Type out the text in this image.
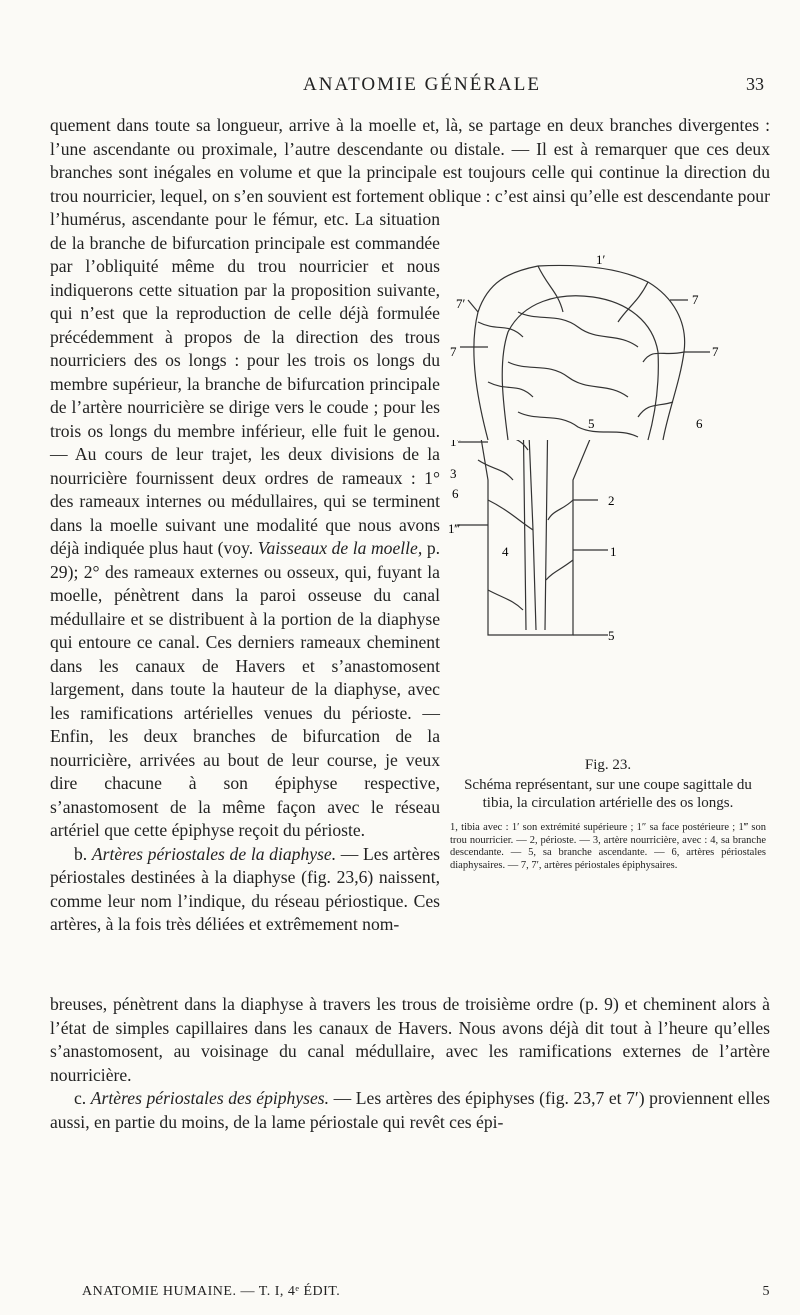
ANATOMIE GÉNÉRALE	33

quement dans toute sa longueur, arrive à la moelle et, là, se partage en deux branches divergentes : l’une ascendante ou proximale, l’autre descendante ou distale. — Il est à remarquer que ces deux branches sont inégales en volume et que la principale est toujours celle qui continue la direction du trou nourricier, lequel, on s’en souvient est fortement oblique : c’est ainsi qu’elle est descendante pour

l’humérus, ascendante pour le fémur, etc. La situation de la branche de bifurcation principale est commandée par l’obliquité même du trou nourricier et nous indiquerons cette situation par la proposition suivante, qui n’est que la reproduction de celle déjà formulée précédemment à propos de la direction des trous nourriciers des os longs : pour les trois os longs du membre supérieur, la branche de bifurcation principale de l’artère nourricière se dirige vers le coude ; pour les trois os longs du membre inférieur, elle fuit le genou. — Au cours de leur trajet, les deux divisions de la nourricière fournissent deux ordres de rameaux : 1° des rameaux internes ou médullaires, qui se terminent dans la moelle suivant une modalité que nous avons déjà indiquée plus haut (voy. Vaisseaux de la moelle, p. 29); 2° des rameaux externes ou osseux, qui, fuyant la moelle, pénètrent dans la paroi osseuse du canal médullaire et se distribuent à la portion de la diaphyse qui entoure ce canal. Ces derniers rameaux cheminent dans les canaux de Havers et s’anastomosent largement, dans toute la hauteur de la diaphyse, avec les ramifications artérielles venues du périoste. — Enfin, les deux branches de bifurcation de la nourricière, arrivées au bout de leur course, je veux dire chacune à son épiphyse respective, s’anastomosent de la même façon avec le réseau artériel que cette épiphyse reçoit du périoste.
b. Artères périostales de la diaphyse. — Les artères périostales destinées à la diaphyse (fig. 23,6) naissent, comme leur nom l’indique, du réseau périostique. Ces artères, à la fois très déliées et extrêmement nom-

1″
6
1‴
3
4
2
1
5
1′
7
7′	7
7
5	6

Fig. 23.

Schéma représentant, sur une coupe sagittale du tibia, la circulation artérielle des os longs.

1, tibia avec : 1′ son extrémité supérieure ; 1″ sa face postérieure ; 1‴ son trou nourricier. — 2, périoste. — 3, artère nourricière, avec : 4, sa branche descendante. — 5, sa branche ascendante. — 6, artères périostales diaphysaires. — 7, 7′, artères périostales épiphysaires.

breuses, pénètrent dans la diaphyse à travers les trous de troisième ordre (p. 9) et cheminent alors à l’état de simples capillaires dans les canaux de Havers. Nous avons déjà dit tout à l’heure qu’elles s’anastomosent, au voisinage du canal médullaire, avec les ramifications externes de l’artère nourricière.
c. Artères périostales des épiphyses. — Les artères des épiphyses (fig. 23,7 et 7′) proviennent elles aussi, en partie du moins, de la lame périostale qui revêt ces épi-

ANATOMIE HUMAINE. — T. I, 4ᵉ ÉDIT.	5
